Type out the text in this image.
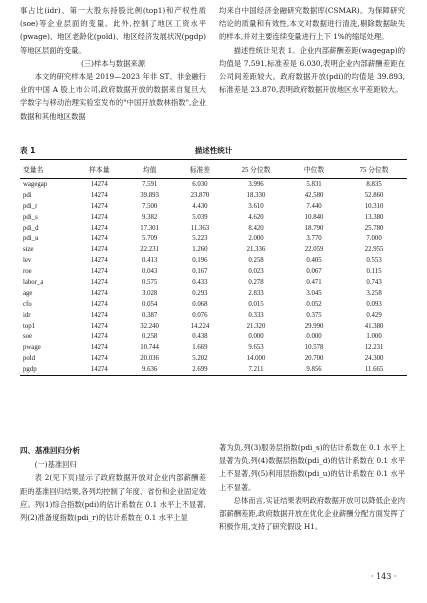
事占比(idr)、第一大股东持股比例(top1)和产权性质(soe)等企业层面的变量。此外,控制了地区工资水平(pwage)、地区老龄化(pold)、地区经济发展状况(pgdp)等地区层面的变量。

(三)样本与数据来源

本文的研究样本是 2019—2023 年非 ST、非金融行业的中国 A 股上市公司,政府数据开放的数据来自复旦大学数字与移动治理实验室发布的"中国开放数林指数",企业数据和其他地区数据

均来自中国经济金融研究数据库(CSMAR)。为保障研究结论的质量和有效性,本文对数据进行清洗,剔除数据缺失的样本,并对主要连续变量进行上下 1%的缩尾处理。

描述性统计见表 1。企业内部薪酬差距(wagegap)的均值是 7.591,标准差是 6.030,表明企业内部薪酬差距在公司间差距较大。政府数据开放(pdi)的均值是 39.893,标准差是 23.870,表明政府数据开放地区水平差距较大。

表 1	描述性统计
变量名	样本量	均值	标准差	25 分位数	中位数	75 分位数
wagegap	14274	7.591	6.030	3.996	5.831	8.835
pdi	14274	39.893	23.870	18.330	42.580	52.860
pdi_r	14274	7.500	4.430	3.610	7.440	10.310
pdi_s	14274	9.382	5.039	4.620	10.840	13.380
pdi_d	14274	17.301	11.363	8.420	18.790	25.780
pdi_u	14274	5.709	5.223	2.000	3.770	7.000
size	14274	22.231	1.260	21.336	22.059	22.955
lev	14274	0.413	0.196	0.258	0.405	0.553
roe	14274	0.043	0.167	0.023	0.067	0.115
labor_a	14274	0.575	0.433	0.278	0.471	0.743
age	14274	3.028	0.293	2.833	3.045	3.258
cfo	14274	0.054	0.068	0.015	0.052	0.093
idr	14274	0.387	0.076	0.333	0.375	0.429
top1	14274	32.240	14.224	21.320	29.990	41.380
soe	14274	0.258	0.438	0.000	0.000	1.000
pwage	14274	10.744	1.669	9.653	10.578	12.231
pold	14274	20.036	5.202	14.000	20.700	24.300
pgdp	14274	9.636	2.699	7.211	9.856	11.665

四、基准回归分析

(一)基准回归

表 2(见下页)显示了政府数据开放对企业内部薪酬差距的基准回归结果,各列均控制了年度、省份和企业固定效应。列(1)综合指数(pdi)的估计系数在 0.1 水平上不显著,列(2)准备度指数(pdi_r)的估计系数在 0.1 水平上显

著为负,列(3)服务层指数(pdi_s)的估计系数在 0.1 水平上显著为负,列(4)数据层指数(pdi_d)的估计系数在 0.1 水平上不显著,列(5)利用层指数(pdi_u)的估计系数在 0.1 水平上不显著。

总体而言,实证结果表明政府数据开放可以降低企业内部薪酬差距,政府数据开放在优化企业薪酬分配方面发挥了积极作用,支持了研究假设 H1。

· 143 ·
